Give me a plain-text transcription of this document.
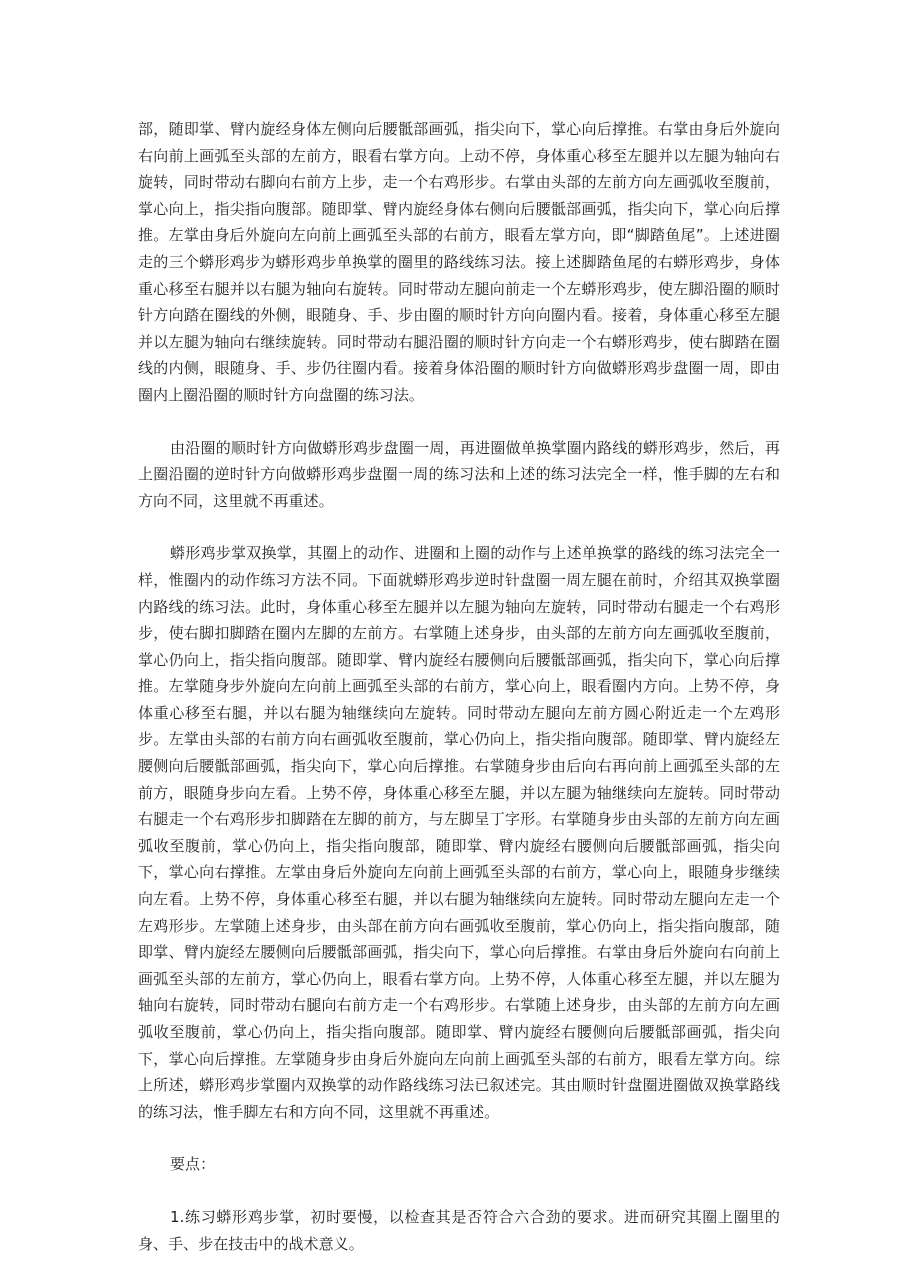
部，随即掌、臂内旋经身体左侧向后腰骶部画弧，指尖向下，掌心向后撑推。右掌由身后外旋向右向前上画弧至头部的左前方，眼看右掌方向。上动不停，身体重心移至左腿并以左腿为轴向右旋转，同时带动右脚向右前方上步，走一个右鸡形步。右掌由头部的左前方向左画弧收至腹前，掌心向上，指尖指向腹部。随即掌、臂内旋经身体右侧向后腰骶部画弧，指尖向下，掌心向后撑推。左掌由身后外旋向左向前上画弧至头部的右前方，眼看左掌方向，即“脚踏鱼尾”。上述进圈走的三个蟒形鸡步为蟒形鸡步单换掌的圈里的路线练习法。接上述脚踏鱼尾的右蟒形鸡步，身体重心移至右腿并以右腿为轴向右旋转。同时带动左腿向前走一个左蟒形鸡步，使左脚沿圈的顺时针方向踏在圈线的外侧，眼随身、手、步由圈的顺时针方向向圈内看。接着，身体重心移至左腿并以左腿为轴向右继续旋转。同时带动右腿沿圈的顺时针方向走一个右蟒形鸡步，使右脚踏在圈线的内侧，眼随身、手、步仍往圈内看。接着身体沿圈的顺时针方向做蟒形鸡步盘圈一周，即由圈内上圈沿圈的顺时针方向盘圈的练习法。

由沿圈的顺时针方向做蟒形鸡步盘圈一周，再进圈做单换掌圈内路线的蟒形鸡步，然后，再上圈沿圈的逆时针方向做蟒形鸡步盘圈一周的练习法和上述的练习法完全一样，惟手脚的左右和方向不同，这里就不再重述。

蟒形鸡步掌双换掌，其圈上的动作、进圈和上圈的动作与上述单换掌的路线的练习法完全一样，惟圈内的动作练习方法不同。下面就蟒形鸡步逆时针盘圈一周左腿在前时，介绍其双换掌圈内路线的练习法。此时，身体重心移至左腿并以左腿为轴向左旋转，同时带动右腿走一个右鸡形步，使右脚扣脚踏在圈内左脚的左前方。右掌随上述身步，由头部的左前方向左画弧收至腹前，掌心仍向上，指尖指向腹部。随即掌、臂内旋经右腰侧向后腰骶部画弧，指尖向下，掌心向后撑推。左掌随身步外旋向左向前上画弧至头部的右前方，掌心向上，眼看圈内方向。上势不停，身体重心移至右腿，并以右腿为轴继续向左旋转。同时带动左腿向左前方圆心附近走一个左鸡形步。左掌由头部的右前方向右画弧收至腹前，掌心仍向上，指尖指向腹部。随即掌、臂内旋经左腰侧向后腰骶部画弧，指尖向下，掌心向后撑推。右掌随身步由后向右再向前上画弧至头部的左前方，眼随身步向左看。上势不停，身体重心移至左腿，并以左腿为轴继续向左旋转。同时带动右腿走一个右鸡形步扣脚踏在左脚的前方，与左脚呈丁字形。右掌随身步由头部的左前方向左画弧收至腹前，掌心仍向上，指尖指向腹部，随即掌、臂内旋经右腰侧向后腰骶部画弧，指尖向下，掌心向右撑推。左掌由身后外旋向左向前上画弧至头部的右前方，掌心向上，眼随身步继续向左看。上势不停，身体重心移至右腿，并以右腿为轴继续向左旋转。同时带动左腿向左走一个左鸡形步。左掌随上述身步，由头部在前方向右画弧收至腹前，掌心仍向上，指尖指向腹部，随即掌、臂内旋经左腰侧向后腰骶部画弧，指尖向下，掌心向后撑推。右掌由身后外旋向右向前上画弧至头部的左前方，掌心仍向上，眼看右掌方向。上势不停，人体重心移至左腿，并以左腿为轴向右旋转，同时带动右腿向右前方走一个右鸡形步。右掌随上述身步，由头部的左前方向左画弧收至腹前，掌心仍向上，指尖指向腹部。随即掌、臂内旋经右腰侧向后腰骶部画弧，指尖向下，掌心向后撑推。左掌随身步由身后外旋向左向前上画弧至头部的右前方，眼看左掌方向。综上所述，蟒形鸡步掌圈内双换掌的动作路线练习法已叙述完。其由顺时针盘圈进圈做双换掌路线的练习法，惟手脚左右和方向不同，这里就不再重述。

要点：

1.练习蟒形鸡步掌，初时要慢，以检查其是否符合六合劲的要求。进而研究其圈上圈里的身、手、步在技击中的战术意义。
